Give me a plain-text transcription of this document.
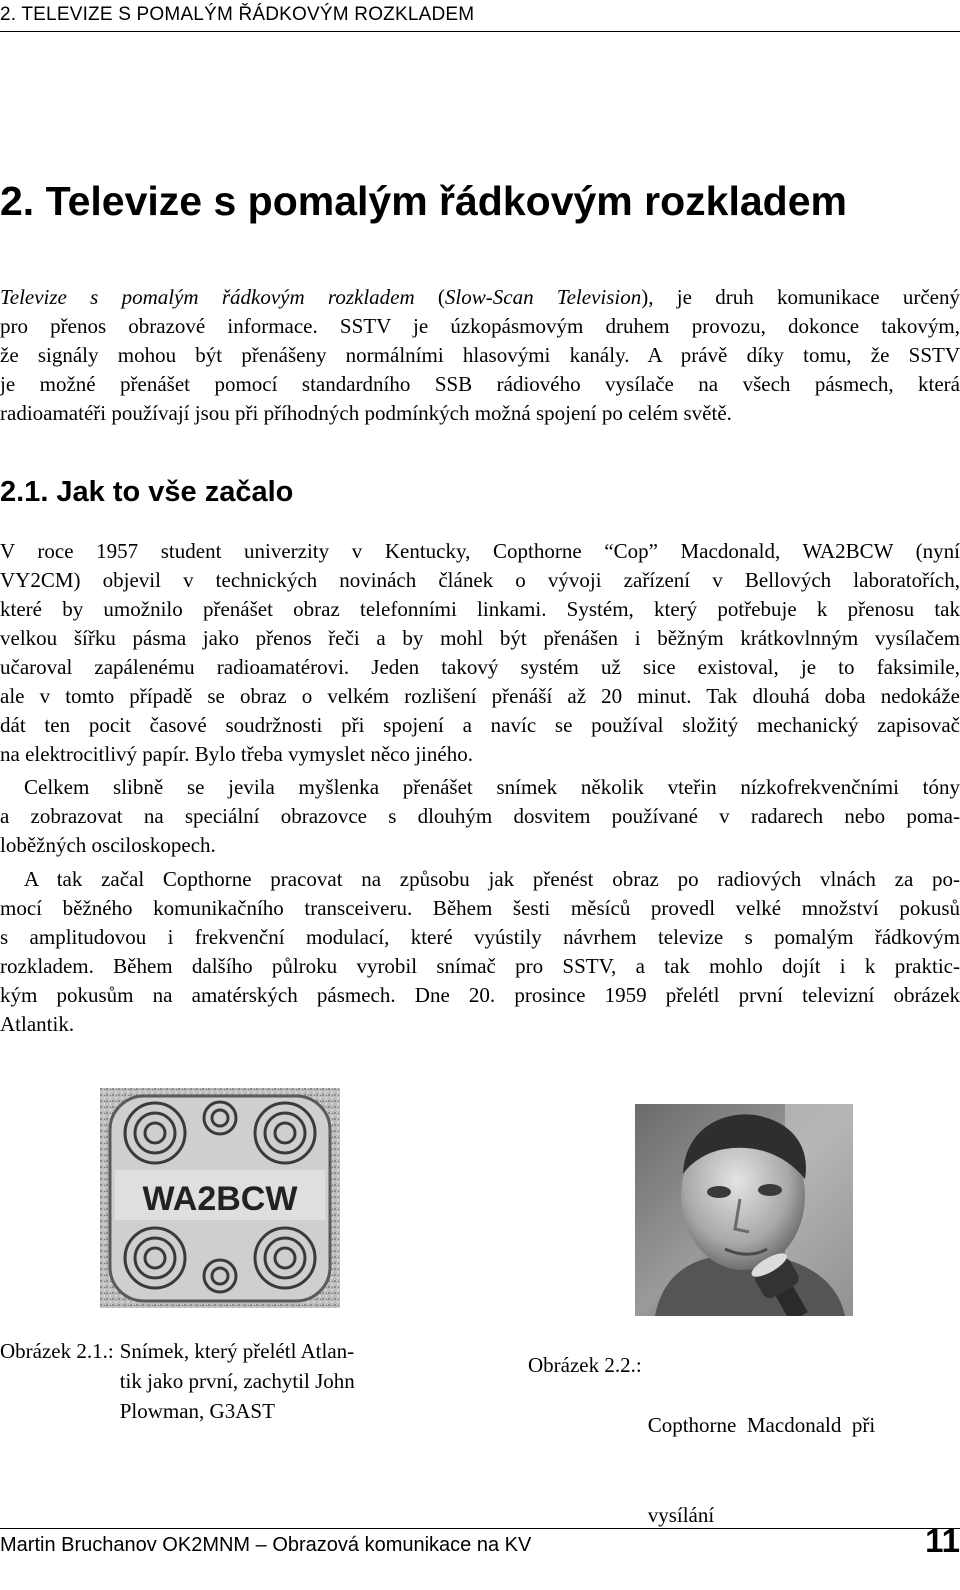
2. TELEVIZE S POMALÝM ŘÁDKOVÝM ROZKLADEM
2. Televize s pomalým řádkovým rozkladem
Televize s pomalým řádkovým rozkladem (Slow-Scan Television), je druh komunikace určený
pro přenos obrazové informace. SSTV je úzkopásmovým druhem provozu, dokonce takovým,
že signály mohou být přenášeny normálními hlasovými kanály. A právě díky tomu, že SSTV
je možné přenášet pomocí standardního SSB rádiového vysílače na všech pásmech, která
radioamatéři používají jsou při příhodných podmínkých možná spojení po celém světě.
2.1. Jak to vše začalo
V roce 1957 student univerzity v Kentucky, Copthorne “Cop” Macdonald, WA2BCW (nyní
VY2CM) objevil v technických novinách článek o vývoji zařízení v Bellových laboratořích,
které by umožnilo přenášet obraz telefonními linkami. Systém, který potřebuje k přenosu tak
velkou šířku pásma jako přenos řeči a by mohl být přenášen i běžným krátkovlnným vysílačem
učaroval zapálenému radioamatérovi. Jeden takový systém už sice existoval, je to faksimile,
ale v tomto případě se obraz o velkém rozlišení přenáší až 20 minut. Tak dlouhá doba nedokáže
dát ten pocit časové soudržnosti při spojení a navíc se používal složitý mechanický zapisovač
na elektrocitlivý papír. Bylo třeba vymyslet něco jiného.
Celkem slibně se jevila myšlenka přenášet snímek několik vteřin nízkofrekvenčními tóny
a zobrazovat na speciální obrazovce s dlouhým dosvitem používané v radarech nebo poma-
loběžných osciloskopech.
A tak začal Copthorne pracovat na způsobu jak přenést obraz po radiových vlnách za po-
mocí běžného komunikačního transceiveru. Během šesti měsíců provedl velké množství pokusů
s amplitudovou i frekvenční modulací, které vyústily návrhem televize s pomalým řádkovým
rozkladem. Během dalšího půlroku vyrobil snímač pro SSTV, a tak mohlo dojít i k praktic-
kým pokusům na amatérských pásmech. Dne 20. prosince 1959 přelétl první televizní obrázek
Atlantik.
WA2BCW
Obrázek 2.1.:	Snímek, který přelétl Atlan-
tik jako první, zachytil John
Plowman, G3AST
Obrázek 2.2.:	

Copthorne  Macdonald  při

vysílání

Martin Bruchanov OK2MNM – Obrazová komunikace na KV	11
